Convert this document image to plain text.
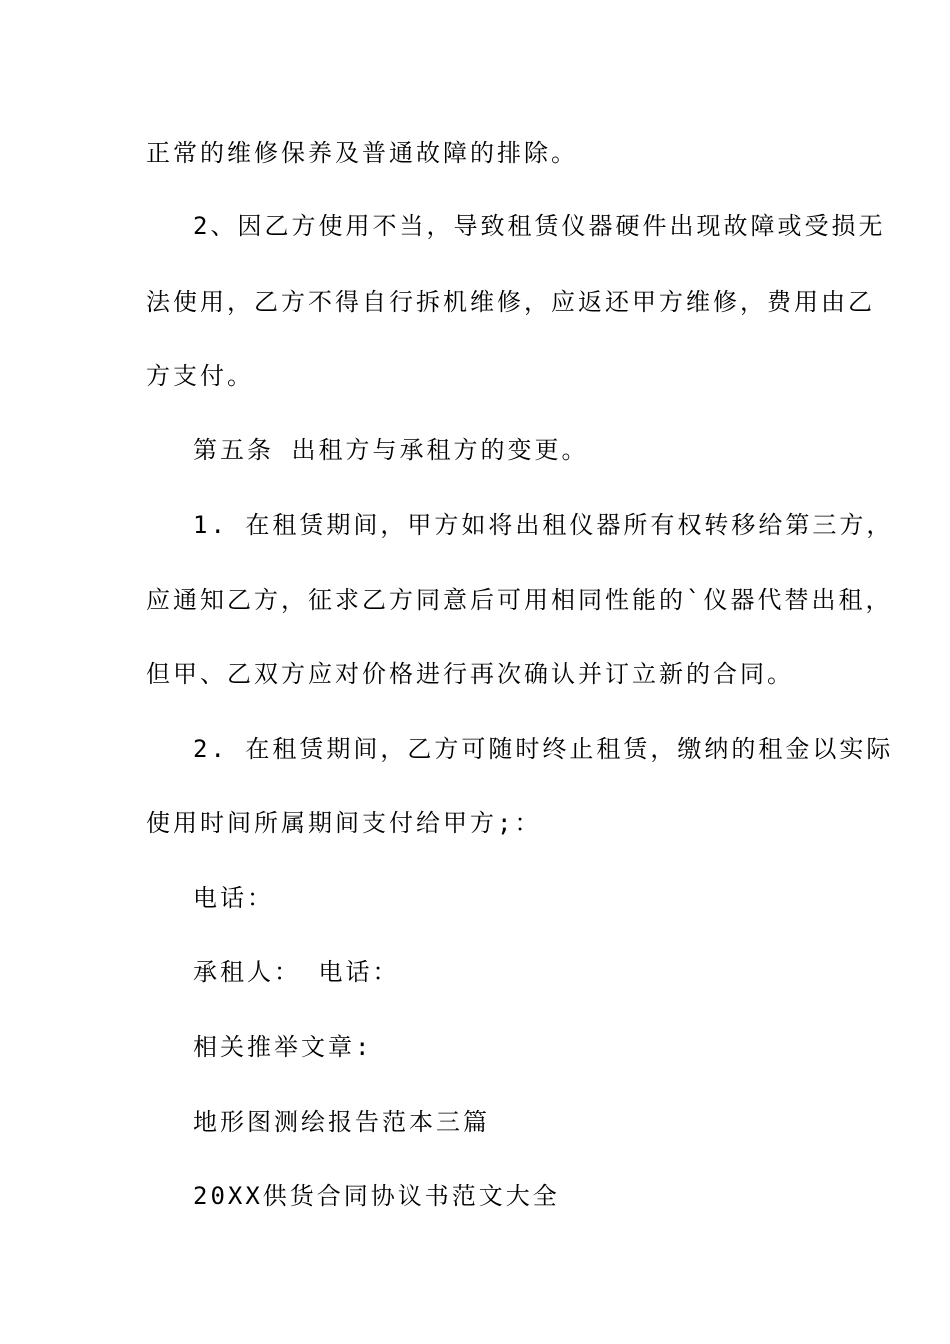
正常的维修保养及普通故障的排除。
2、因乙方使用不当，导致租赁仪器硬件出现故障或受损无
法使用，乙方不得自行拆机维修，应返还甲方维修，费用由乙
方支付。
第五条 出租方与承租方的变更。
1. 在租赁期间，甲方如将出租仪器所有权转移给第三方，
应通知乙方，征求乙方同意后可用相同性能的`仪器代替出租，
但甲、乙双方应对价格进行再次确认并订立新的合同。
2. 在租赁期间，乙方可随时终止租赁，缴纳的租金以实际
使用时间所属期间支付给甲方;：
电话：
承租人： 电话：
相关推举文章:
地形图测绘报告范本三篇
20XX供货合同协议书范文大全
